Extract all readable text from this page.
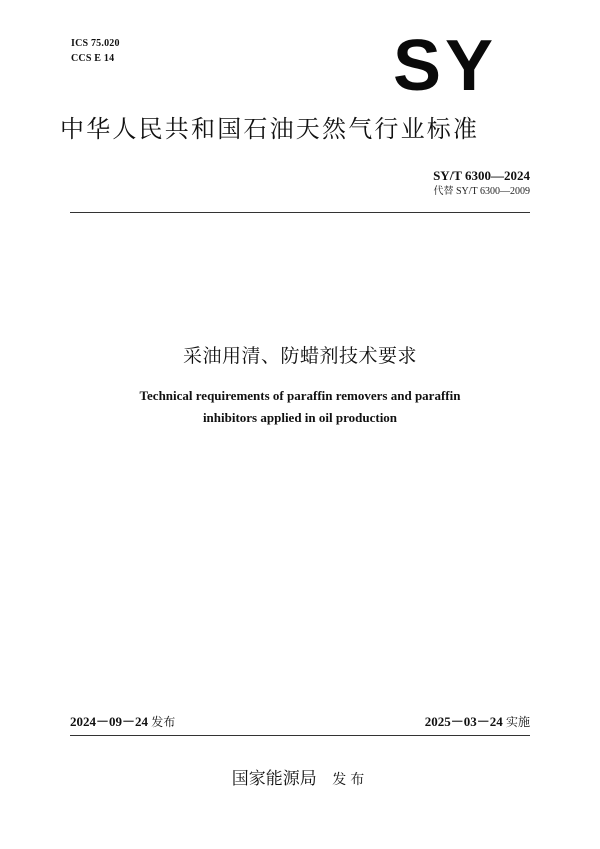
ICS 75.020
CCS E 14	SY
中华人民共和国石油天然气行业标准
SY/T 6300—2024
代替 SY/T 6300—2009
采油用清、防蜡剂技术要求
Technical requirements of paraffin removers and paraffin
inhibitors applied in oil production
2024－09－24 发布	2025－03－24 实施
国家能源局 发布
